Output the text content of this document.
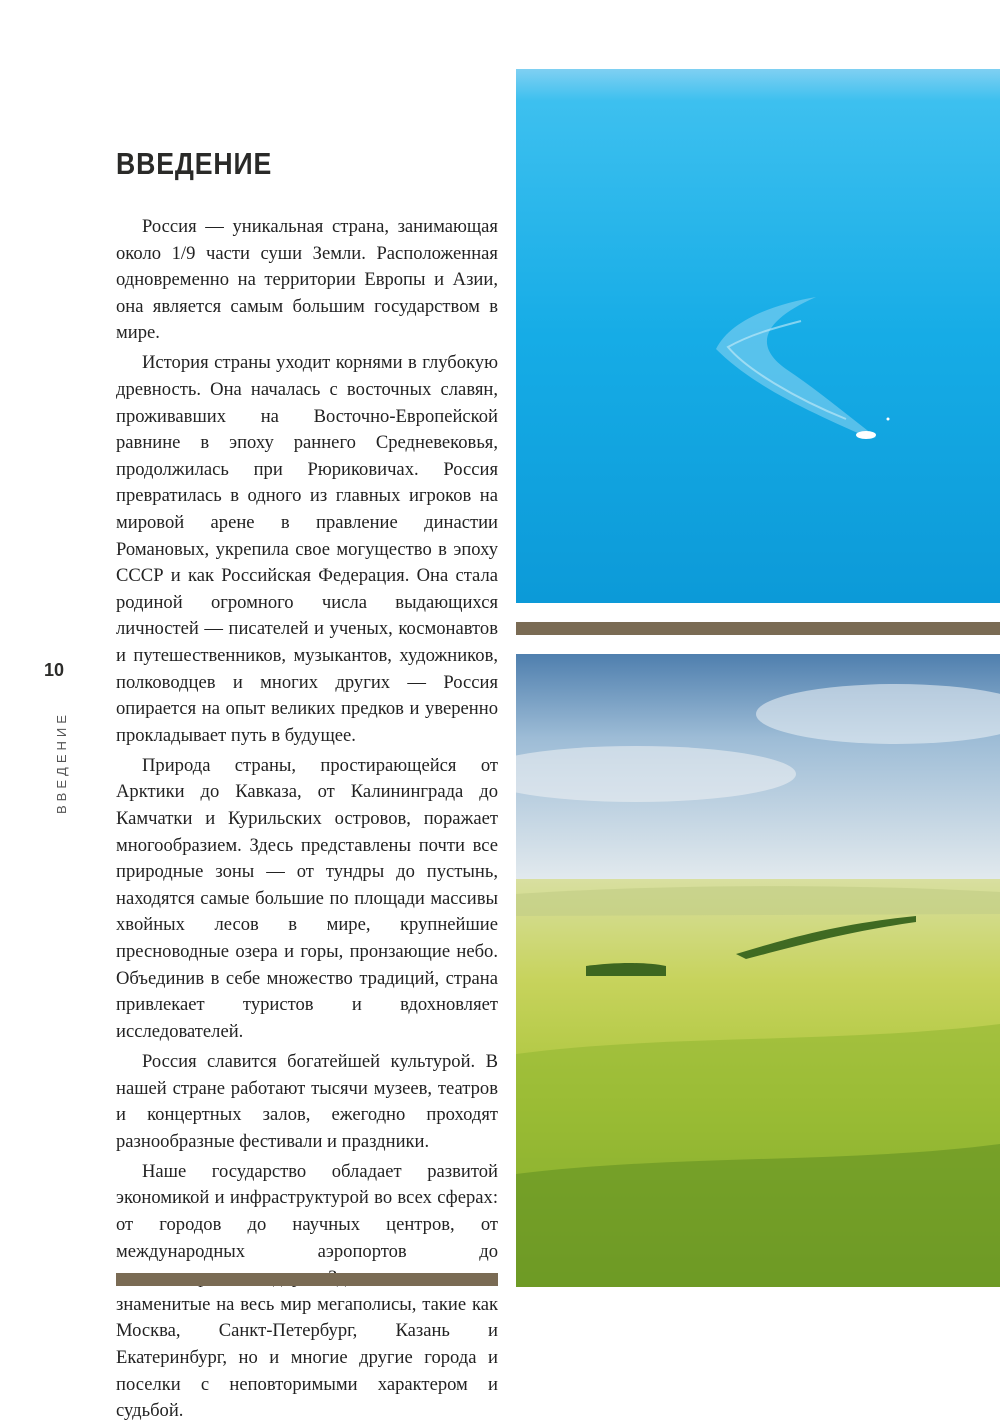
ВВЕДЕНИЕ

Россия — уникальная страна, занимающая около 1/9 части суши Земли. Расположенная одновременно на территории Европы и Азии, она является самым большим государством в мире.

История страны уходит корнями в глубокую древность. Она началась с восточных славян, проживавших на Восточно-Европейской равнине в эпоху раннего Средневековья, продолжилась при Рюриковичах. Россия превратилась в одного из главных игроков на мировой арене в правление династии Романовых, укрепила свое могущество в эпоху СССР и как Российская Федерация. Она стала родиной огромного числа выдающихся личностей — писателей и ученых, космонавтов и путешественников, музыкантов, художников, полководцев и многих других — Россия опирается на опыт великих предков и уверенно прокладывает путь в будущее.

Природа страны, простирающейся от Арктики до Кавказа, от Калининграда до Камчатки и Курильских островов, поражает многообразием. Здесь представлены почти все природные зоны — от тундры до пустынь, находятся самые большие по площади массивы хвойных лесов в мире, крупнейшие пресноводные озера и горы, пронзающие небо. Объединив в себе множество традиций, страна привлекает туристов и вдохновляет исследователей.

Россия славится богатейшей культурой. В нашей стране работают тысячи музеев, театров и концертных залов, ежегодно проходят разнообразные фестивали и праздники.

Наше государство обладает развитой экономикой и инфраструктурой во всех сферах: от городов до научных центров, от международных аэропортов до знаменитые на весь мир мегаполисы, такие как Москва, Санкт-Петербург, Казань и Екатеринбург, но и многие другие города и поселки с неповторимыми характером и судьбой.

10
ВВЕДЕНИЕ
